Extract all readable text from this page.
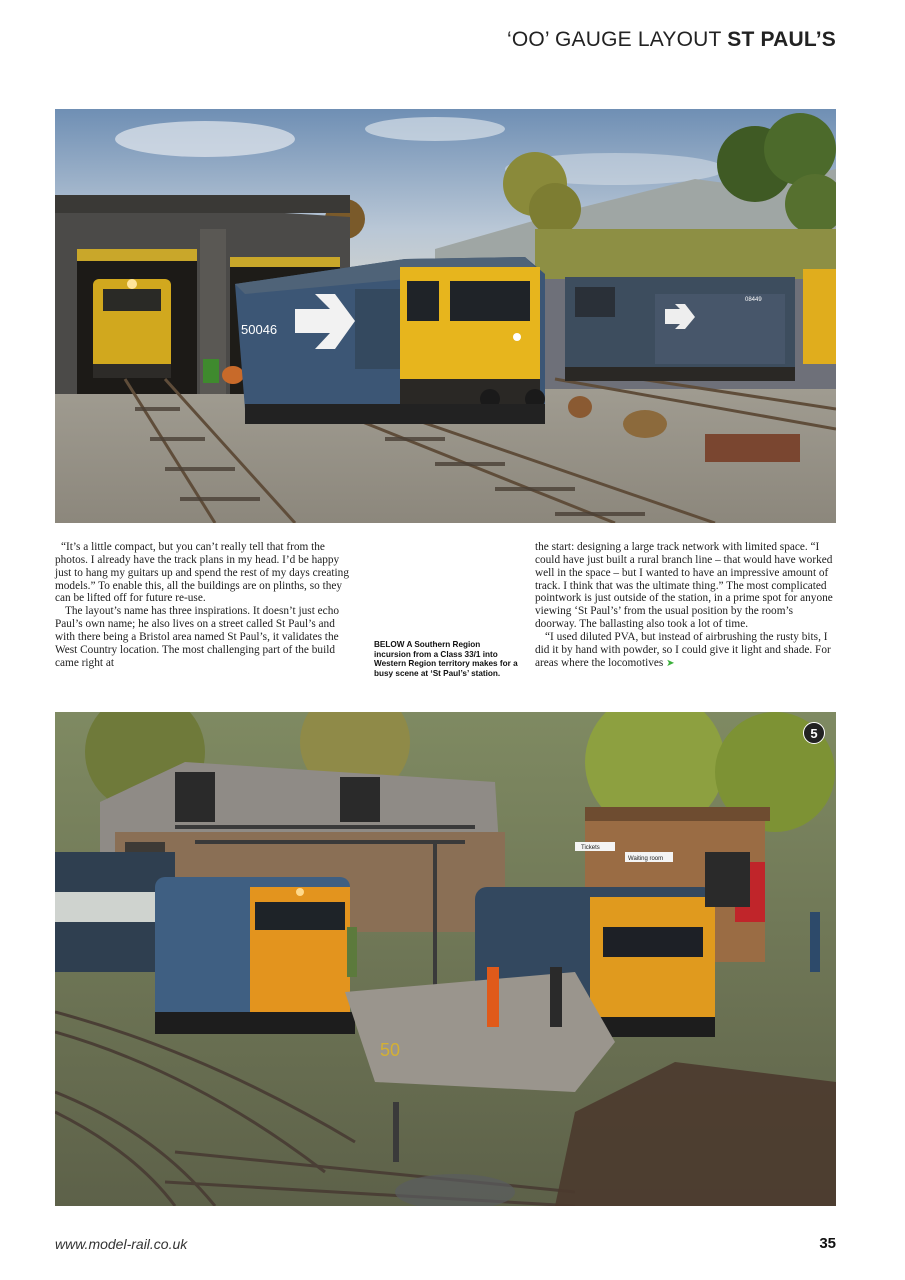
‘OO’ GAUGE LAYOUT ST PAUL’S
50046
08449

“It’s a little compact, but you can’t really tell that from the photos. I already have the track plans in my head. I’d be happy just to hang my guitars up and spend the rest of my days creating models.” To enable this, all the buildings are on plinths, so they can be lifted off for future re-use.

The layout’s name has three inspirations. It doesn’t just echo Paul’s own name; he also lives on a street called St Paul’s and with there being a Bristol area named St Paul’s, it validates the West Country location. The most challenging part of the build came right at

BELOW A Southern Region incursion from a Class 33/1 into Western Region territory makes for a busy scene at ‘St Paul’s’ station.

the start: designing a large track network with limited space. “I could have just built a rural branch line – that would have worked well in the space – but I wanted to have an impressive amount of track. I think that was the ultimate thing.” The most complicated pointwork is just outside of the station, in a prime spot for anyone viewing ‘St Paul’s’ from the usual position by the room’s doorway. The ballasting also took a lot of time.

“I used diluted PVA, but instead of airbrushing the rusty bits, I did it by hand with powder, so I could give it light and shade. For areas where the locomotives ➤

Waiting room
Tickets
50
5
www.model-rail.co.uk	35
